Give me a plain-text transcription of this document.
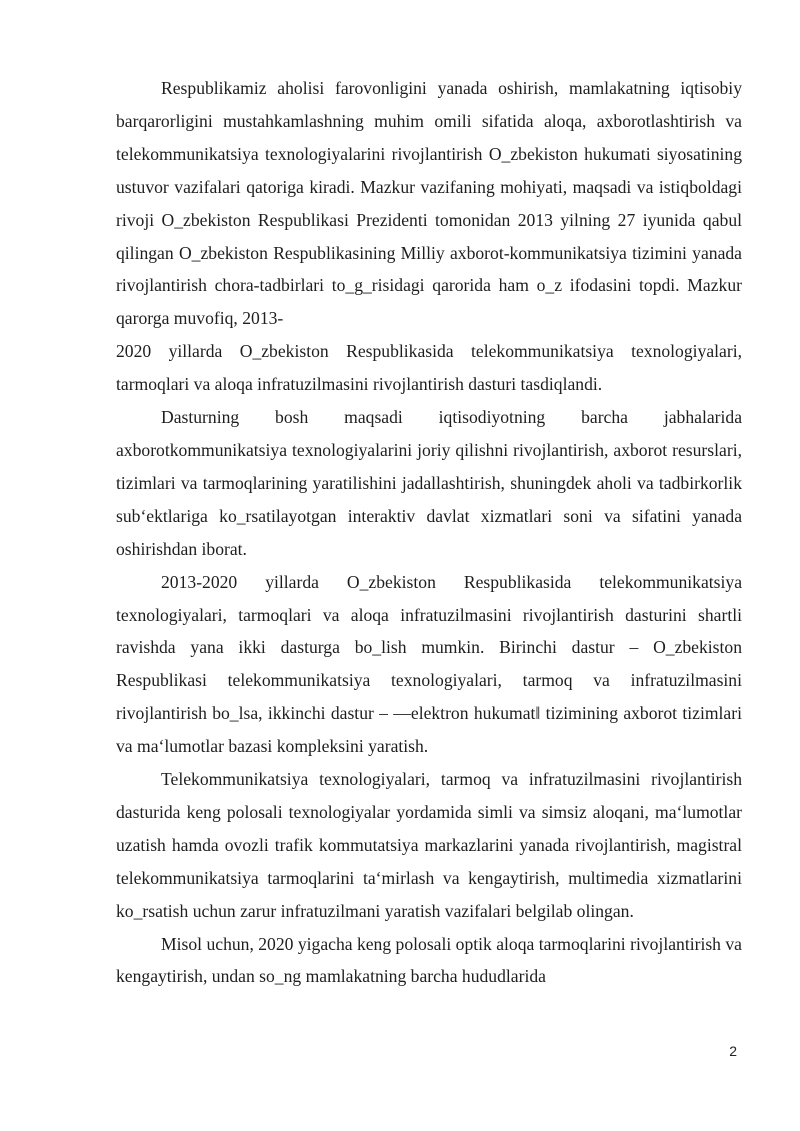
Respublikamiz aholisi farovonligini yanada oshirish, mamlakatning iqtisobiy barqarorligini mustahkamlashning muhim omili sifatida aloqa, axborotlashtirish va telekommunikatsiya texnologiyalarini rivojlantirish O_zbekiston hukumati siyosatining ustuvor vazifalari qatoriga kiradi. Mazkur vazifaning mohiyati, maqsadi va istiqboldagi rivoji O_zbekiston Respublikasi Prezidenti tomonidan 2013 yilning 27 iyunida qabul qilingan O_zbekiston Respublikasining Milliy axborot-kommunikatsiya tizimini yanada rivojlantirish chora-tadbirlari to_g_risidagi qarorida ham o_z ifodasini topdi. Mazkur qarorga muvofiq, 2013-

2020 yillarda O_zbekiston Respublikasida telekommunikatsiya texnologiyalari, tarmoqlari va aloqa infratuzilmasini rivojlantirish dasturi tasdiqlandi.

Dasturning bosh maqsadi iqtisodiyotning barcha jabhalarida axborotkommunikatsiya texnologiyalarini joriy qilishni rivojlantirish, axborot resurslari, tizimlari va tarmoqlarining yaratilishini jadallashtirish, shuningdek aholi va tadbirkorlik sub‘ektlariga ko_rsatilayotgan interaktiv davlat xizmatlari soni va sifatini yanada oshirishdan iborat.

2013-2020 yillarda O_zbekiston Respublikasida telekommunikatsiya texnologiyalari, tarmoqlari va aloqa infratuzilmasini rivojlantirish dasturini shartli ravishda yana ikki dasturga bo_lish mumkin. Birinchi dastur – O_zbekiston Respublikasi telekommunikatsiya texnologiyalari, tarmoq va infratuzilmasini rivojlantirish bo_lsa, ikkinchi dastur – ―elektron hukumat‖ tizimining axborot tizimlari va ma‘lumotlar bazasi kompleksini yaratish.

Telekommunikatsiya texnologiyalari, tarmoq va infratuzilmasini rivojlantirish dasturida keng polosali texnologiyalar yordamida simli va simsiz aloqani, ma‘lumotlar uzatish hamda ovozli trafik kommutatsiya markazlarini yanada rivojlantirish, magistral telekommunikatsiya tarmoqlarini ta‘mirlash va kengaytirish, multimedia xizmatlarini ko_rsatish uchun zarur infratuzilmani yaratish vazifalari belgilab olingan.

Misol uchun, 2020 yigacha keng polosali optik aloqa tarmoqlarini rivojlantirish va kengaytirish, undan so_ng mamlakatning barcha hududlarida

2
